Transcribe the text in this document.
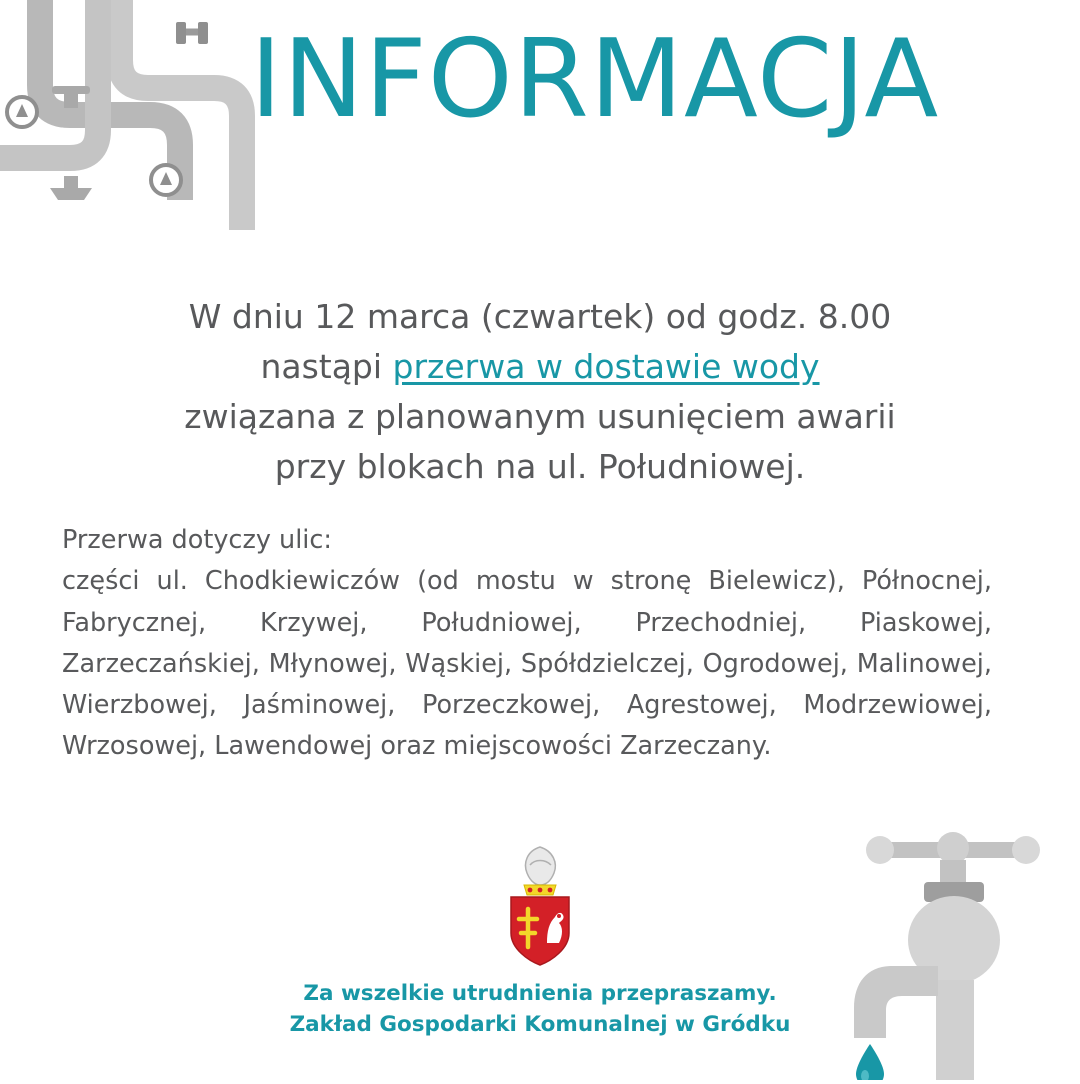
INFORMACJA
W dniu 12 marca (czwartek) od godz. 8.00
nastąpi przerwa w dostawie wody
związana z planowanym usunięciem awarii
przy blokach na ul. Południowej.
Przerwa dotyczy ulic:
części ul. Chodkiewiczów (od mostu w stronę Bielewicz), Północnej, Fabrycznej, Krzywej, Południowej, Przechodniej, Piaskowej, Zarzeczańskiej, Młynowej, Wąskiej, Spółdzielczej, Ogrodowej, Malinowej, Wierzbowej, Jaśminowej, Porzeczkowej, Agrestowej, Modrzewiowej, Wrzosowej, Lawendowej oraz miejscowości Zarzeczany.
Za wszelkie utrudnienia przepraszamy.
Zakład Gospodarki Komunalnej w Gródku
